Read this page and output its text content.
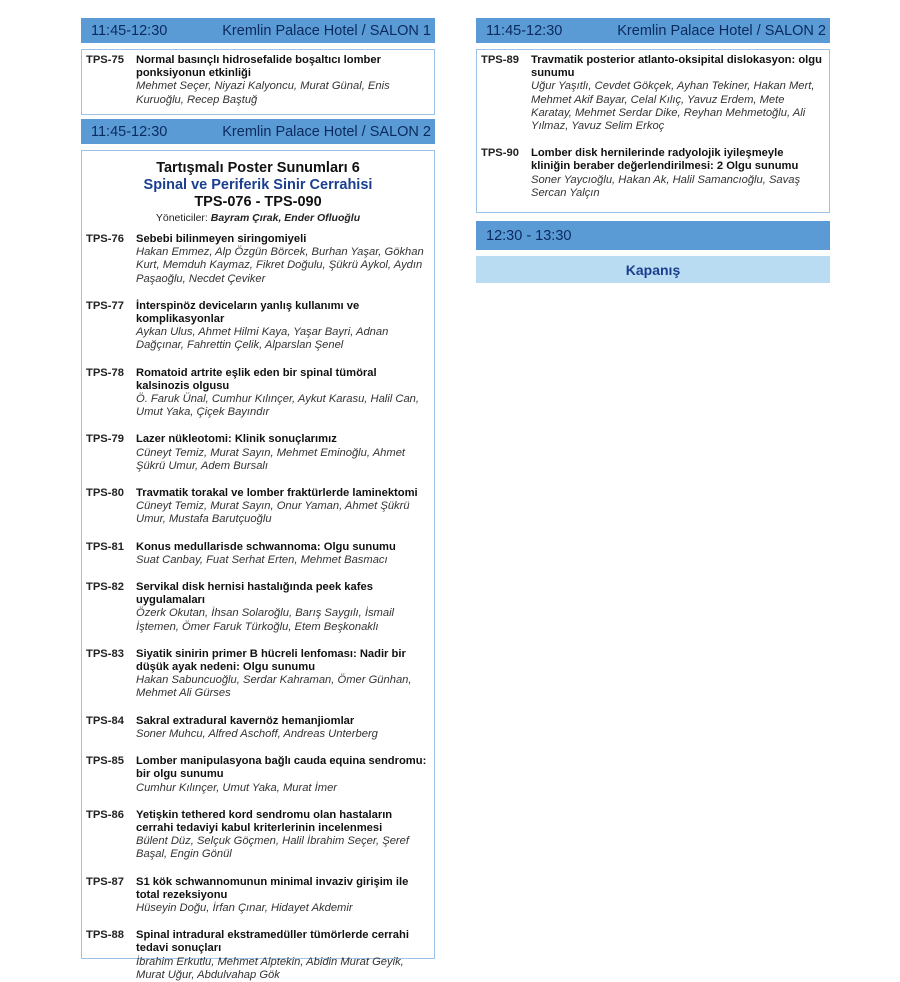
11:45-12:30	Kremlin Palace Hotel / SALON 1
TPS-75	Normal basınçlı hidrosefalide boşaltıcı lomber ponksiyonun etkinliği
Mehmet Seçer, Niyazi Kalyoncu, Murat Günal, Enis Kuruoğlu, Recep Baştuğ
11:45-12:30	Kremlin Palace Hotel / SALON 2
Tartışmalı Poster Sunumları 6
Spinal ve Periferik Sinir Cerrahisi
TPS-076 - TPS-090
Yöneticiler: Bayram Çırak, Ender Ofluoğlu
TPS-76	Sebebi bilinmeyen siringomiyeli
Hakan Emmez, Alp Özgün Börcek, Burhan Yaşar, Gökhan Kurt, Memduh Kaymaz, Fikret Doğulu, Şükrü Aykol, Aydın Paşaoğlu, Necdet Çeviker
TPS-77	İnterspinöz deviceların yanlış kullanımı ve komplikasyonlar
Aykan Ulus, Ahmet Hilmi Kaya, Yaşar Bayri, Adnan Dağçınar, Fahrettin Çelik, Alparslan Şenel
TPS-78	Romatoid artrite eşlik eden bir spinal tümöral kalsinozis olgusu
Ö. Faruk Ünal, Cumhur Kılınçer, Aykut Karasu, Halil Can, Umut Yaka, Çiçek Bayındır
TPS-79	Lazer nükleotomi: Klinik sonuçlarımız
Cüneyt Temiz, Murat Sayın, Mehmet Eminoğlu, Ahmet Şükrü Umur, Adem Bursalı
TPS-80	Travmatik torakal ve lomber fraktürlerde laminektomi
Cüneyt Temiz, Murat Sayın, Onur Yaman, Ahmet Şükrü Umur, Mustafa Barutçuoğlu
TPS-81	Konus medullarisde schwannoma: Olgu sunumu
Suat Canbay, Fuat Serhat Erten, Mehmet Basmacı
TPS-82	Servikal disk hernisi hastalığında peek kafes uygulamaları
Özerk Okutan, İhsan Solaroğlu, Barış Saygılı, İsmail İştemen, Ömer Faruk Türkoğlu, Etem Beşkonaklı
TPS-83	Siyatik sinirin primer B hücreli lenfoması: Nadir bir düşük ayak nedeni: Olgu sunumu
Hakan Sabuncuoğlu, Serdar Kahraman, Ömer Günhan, Mehmet Ali Gürses
TPS-84	Sakral extradural kavernöz hemanjiomlar
Soner Muhcu, Alfred Aschoff, Andreas Unterberg
TPS-85	Lomber manipulasyona bağlı cauda equina sendromu: bir olgu sunumu
Cumhur Kılınçer, Umut Yaka, Murat İmer
TPS-86	Yetişkin tethered kord sendromu olan hastaların cerrahi tedaviyi kabul kriterlerinin incelenmesi
Bülent Düz, Selçuk Göçmen, Halil İbrahim Seçer, Şeref Başal, Engin Gönül
TPS-87	S1 kök schwannomunun minimal invaziv girişim ile total rezeksiyonu
Hüseyin Doğu, İrfan Çınar, Hidayet Akdemir
TPS-88	Spinal intradural ekstramedüller tümörlerde cerrahi tedavi sonuçları
İbrahim Erkutlu, Mehmet Alptekin, Abidin Murat Geyik, Murat Uğur, Abdulvahap Gök
11:45-12:30	Kremlin Palace Hotel / SALON 2
TPS-89	Travmatik posterior atlanto-oksipital dislokasyon: olgu sunumu
Uğur Yaşıtlı, Cevdet Gökçek, Ayhan Tekiner, Hakan Mert, Mehmet Akif Bayar, Celal Kılıç, Yavuz Erdem, Mete Karatay, Mehmet Serdar Dike, Reyhan Mehmetoğlu, Ali Yılmaz, Yavuz Selim Erkoç
TPS-90	Lomber disk hernilerinde radyolojik iyileşmeyle kliniğin beraber değerlendirilmesi: 2 Olgu sunumu
Soner Yaycıoğlu, Hakan Ak, Halil Samancıoğlu, Savaş Sercan Yalçın
12:30 - 13:30
Kapanış
